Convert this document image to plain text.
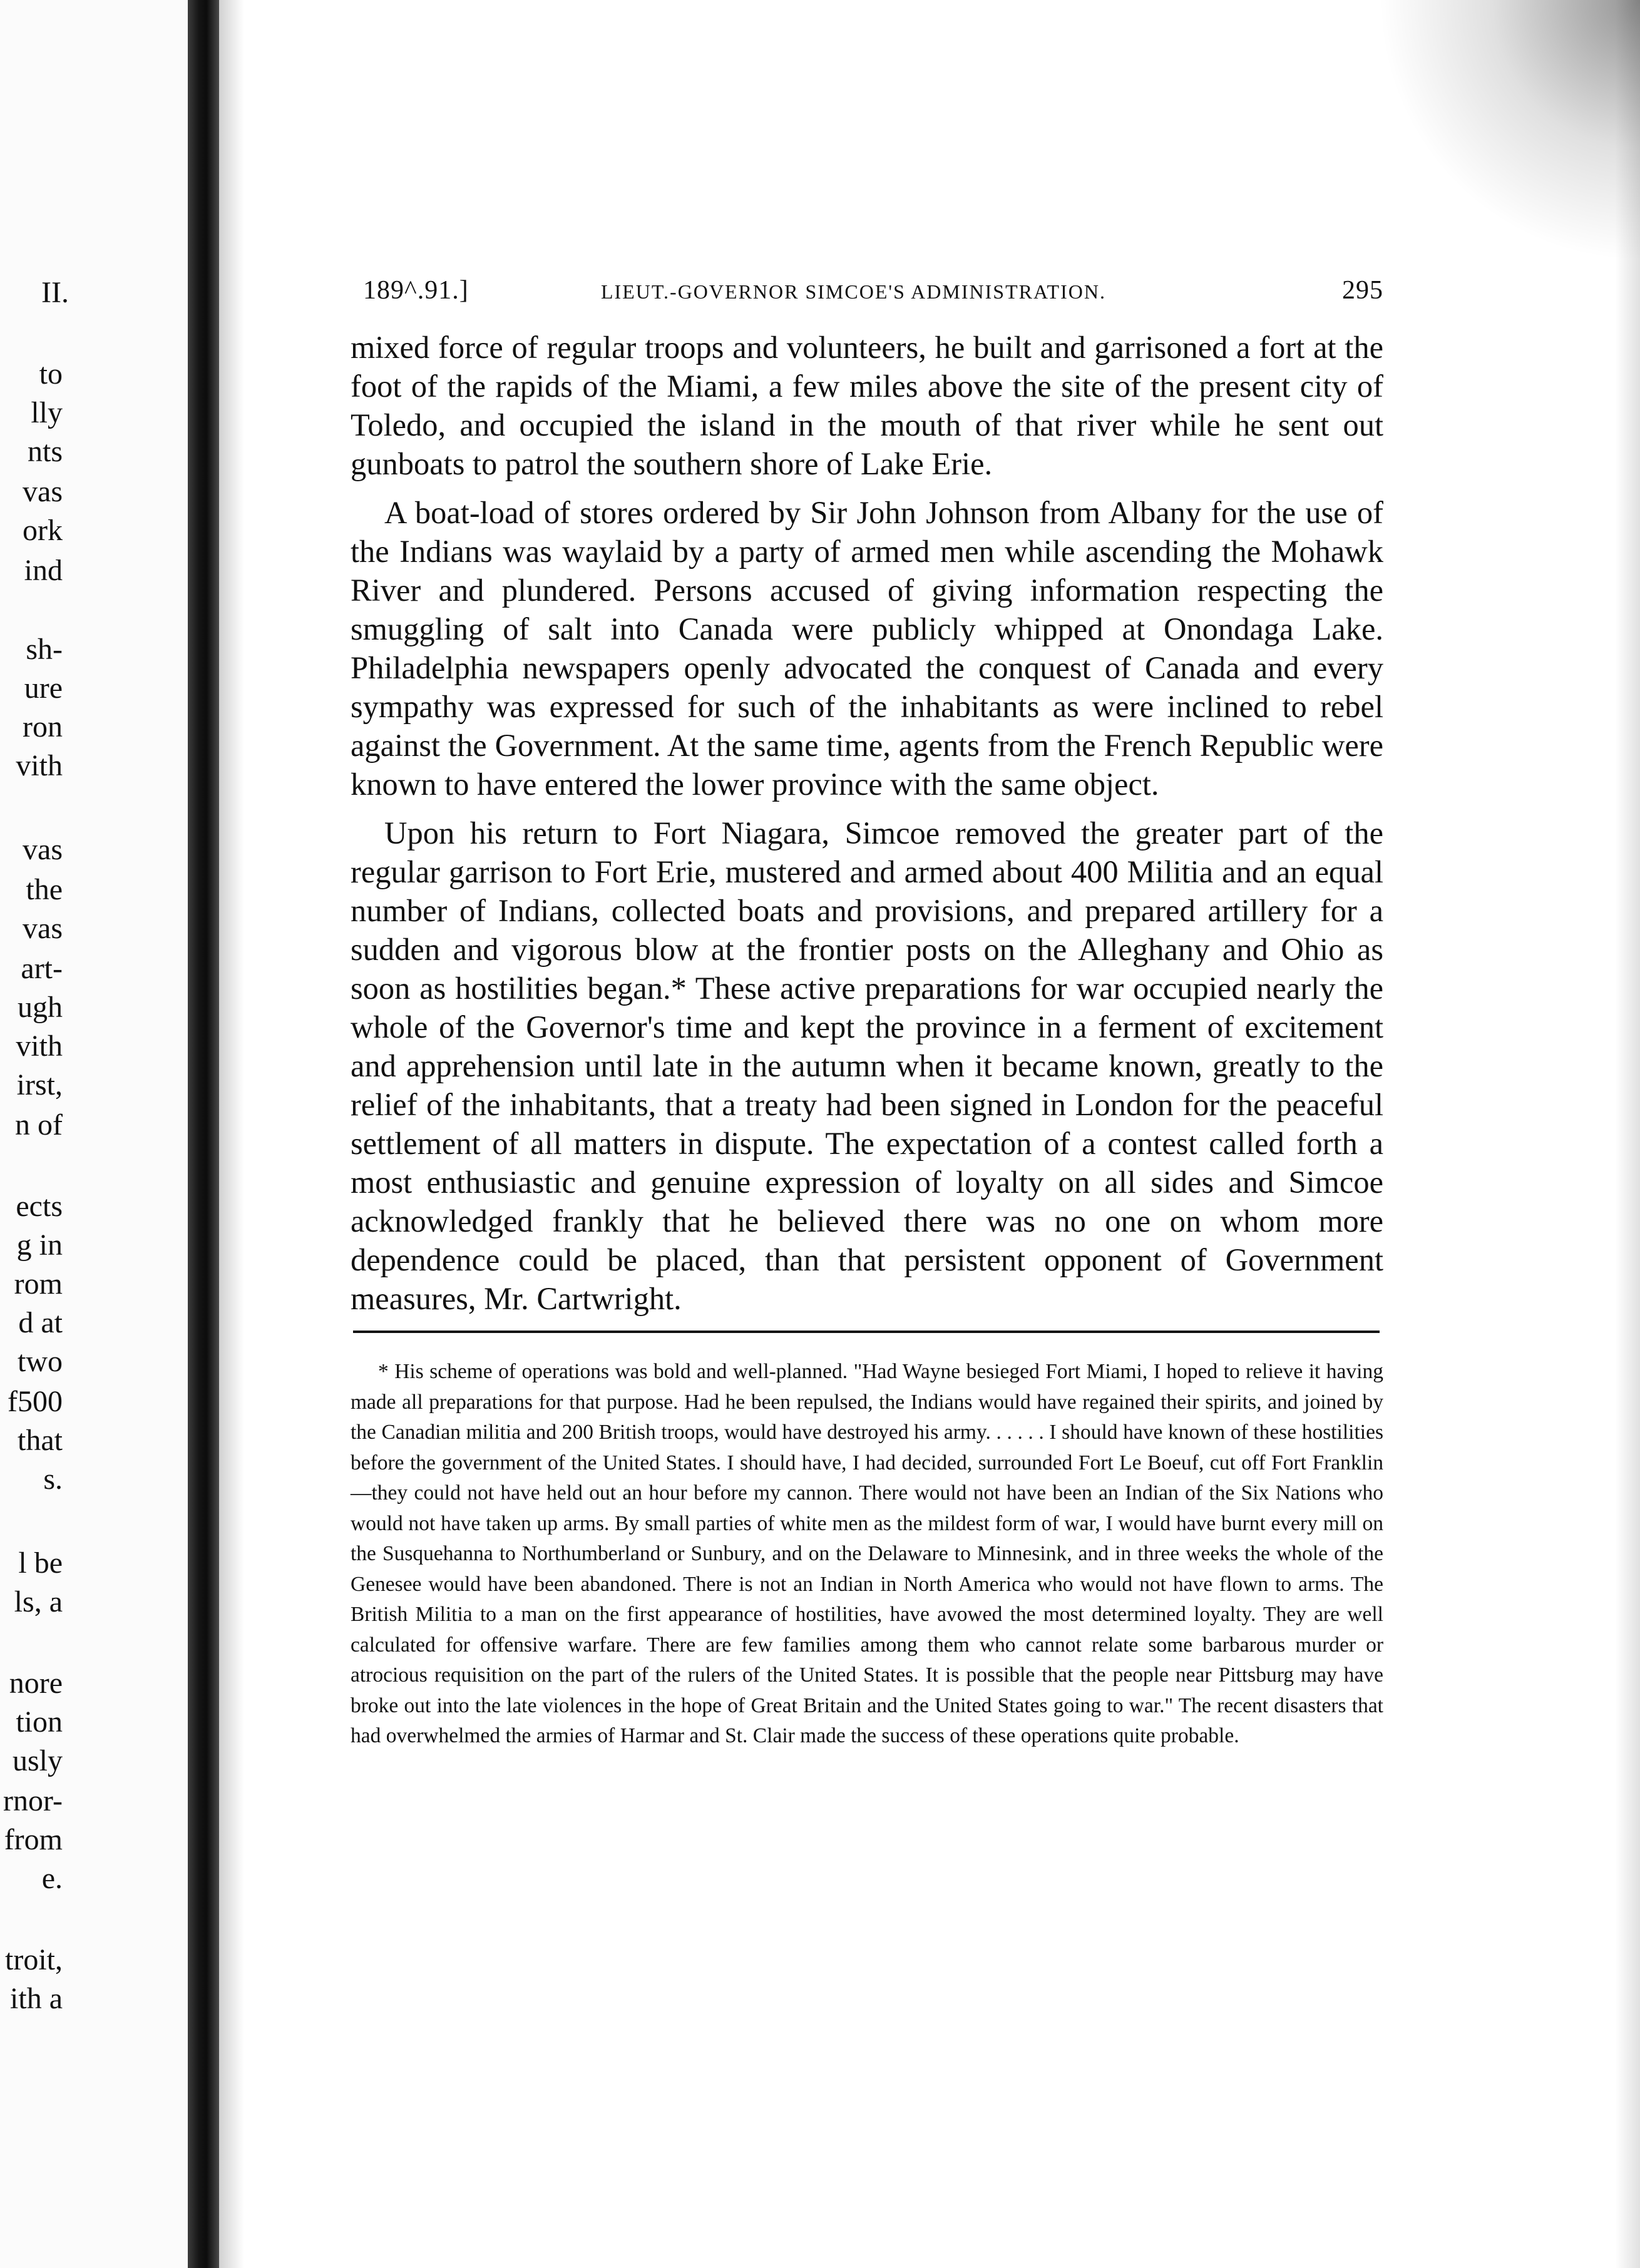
II.
to
lly
nts
vas
ork
ind
sh-
ure
ron
vith
vas
the
vas
art-
ugh
vith
irst,
n of
ects
g in
rom
d at
two
f500
that
s.
l be
ls, a
nore
tion
usly
rnor-
from
e.
troit,
ith a
189^.91.]	LIEUT.-GOVERNOR SIMCOE'S ADMINISTRATION.	295

mixed force of regular troops and volunteers, he built and garrisoned a fort at the foot of the rapids of the Miami, a few miles above the site of the present city of Toledo, and occupied the island in the mouth of that river while he sent out gunboats to patrol the southern shore of Lake Erie.

A boat-load of stores ordered by Sir John Johnson from Albany for the use of the Indians was waylaid by a party of armed men while ascending the Mohawk River and plundered. Persons accused of giving information respecting the smuggling of salt into Canada were publicly whipped at Onondaga Lake. Philadelphia newspapers openly advocated the conquest of Canada and every sympathy was expressed for such of the inhabitants as were inclined to rebel against the Government. At the same time, agents from the French Republic were known to have entered the lower province with the same object.

Upon his return to Fort Niagara, Simcoe removed the greater part of the regular garrison to Fort Erie, mustered and armed about 400 Militia and an equal number of Indians, collected boats and provisions, and prepared artillery for a sudden and vigorous blow at the frontier posts on the Alleghany and Ohio as soon as hostilities began.* These active preparations for war occupied nearly the whole of the Governor's time and kept the province in a ferment of excitement and apprehension until late in the autumn when it became known, greatly to the relief of the inhabitants, that a treaty had been signed in London for the peaceful settlement of all matters in dispute. The expectation of a contest called forth a most enthusiastic and genuine expression of loyalty on all sides and Simcoe acknowledged frankly that he believed there was no one on whom more dependence could be placed, than that persistent opponent of Government measures, Mr. Cartwright.

* His scheme of operations was bold and well-planned. "Had Wayne besieged Fort Miami, I hoped to relieve it having made all preparations for that purpose. Had he been repulsed, the Indians would have regained their spirits, and joined by the Canadian militia and 200 British troops, would have destroyed his army. . . . . . I should have known of these hostilities before the government of the United States. I should have, I had decided, surrounded Fort Le Boeuf, cut off Fort Franklin—they could not have held out an hour before my cannon. There would not have been an Indian of the Six Nations who would not have taken up arms. By small parties of white men as the mildest form of war, I would have burnt every mill on the Susquehanna to Northumberland or Sunbury, and on the Delaware to Minnesink, and in three weeks the whole of the Genesee would have been abandoned. There is not an Indian in North America who would not have flown to arms. The British Militia to a man on the first appearance of hostilities, have avowed the most determined loyalty. They are well calculated for offensive warfare. There are few families among them who cannot relate some barbarous murder or atrocious requisition on the part of the rulers of the United States. It is possible that the people near Pittsburg may have broke out into the late violences in the hope of Great Britain and the United States going to war." The recent disasters that had overwhelmed the armies of Harmar and St. Clair made the success of these operations quite probable.
